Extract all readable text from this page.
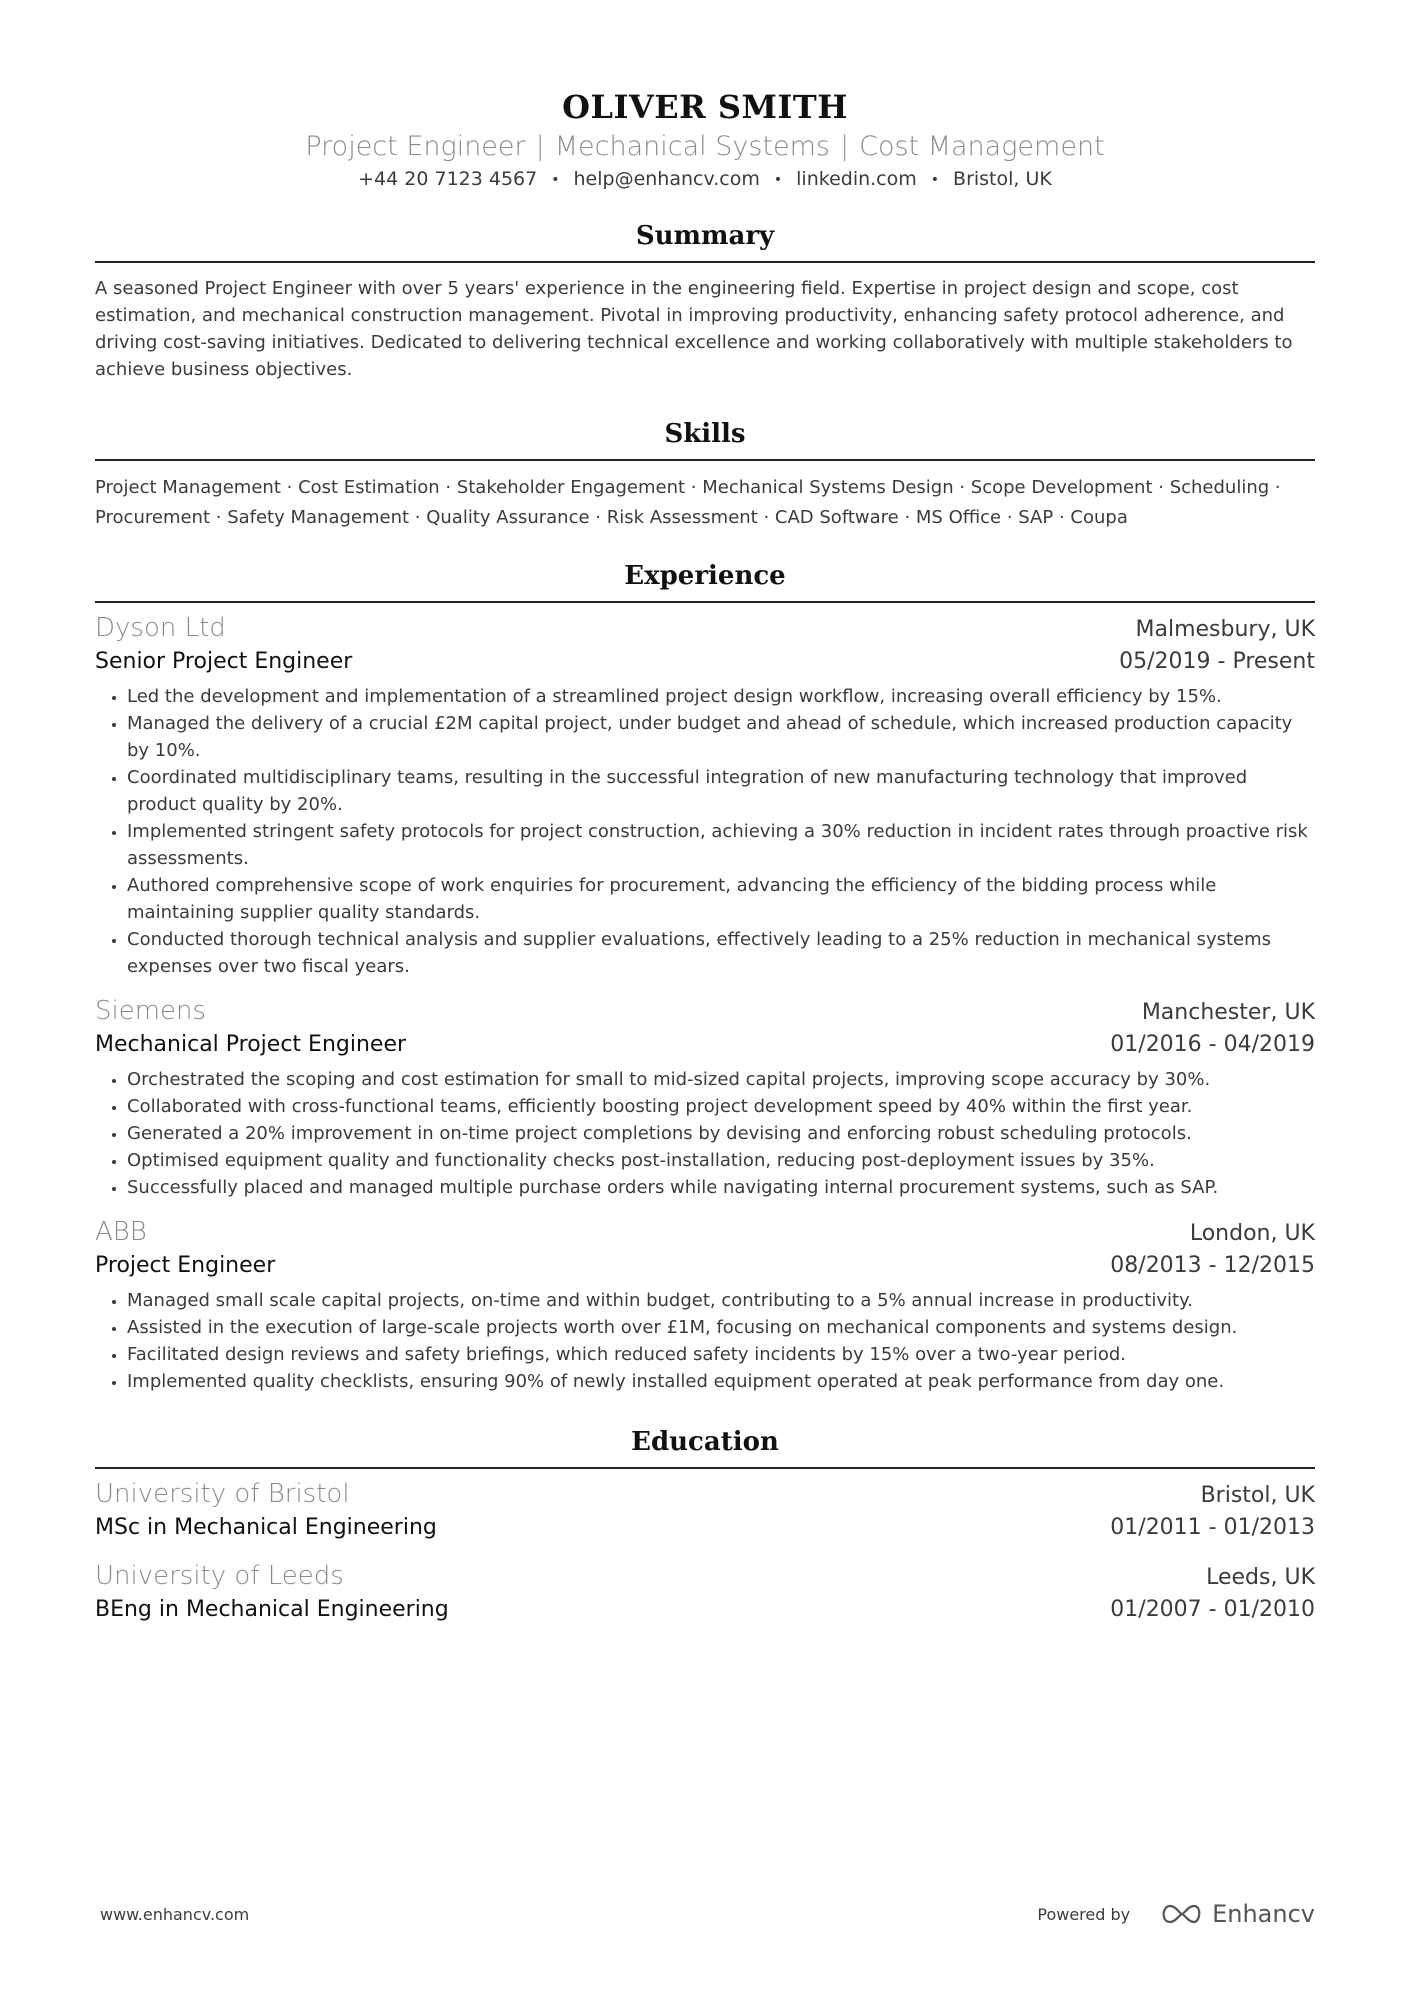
OLIVER SMITH
Project Engineer | Mechanical Systems | Cost Management
+44 20 7123 4567 • help@enhancv.com • linkedin.com • Bristol, UK
Summary
A seasoned Project Engineer with over 5 years' experience in the engineering field. Expertise in project design and scope, cost estimation, and mechanical construction management. Pivotal in improving productivity, enhancing safety protocol adherence, and driving cost-saving initiatives. Dedicated to delivering technical excellence and working collaboratively with multiple stakeholders to achieve business objectives.
Skills
Project Management · Cost Estimation · Stakeholder Engagement · Mechanical Systems Design · Scope Development · Scheduling· Procurement · Safety Management · Quality Assurance · Risk Assessment · CAD Software · MS Office · SAP · Coupa
Experience
Dyson Ltd	Malmesbury, UK
Senior Project Engineer	05/2019 - Present
• Led the development and implementation of a streamlined project design workflow, increasing overall efficiency by 15%.
• Managed the delivery of a crucial £2M capital project, under budget and ahead of schedule, which increased production capacity by 10%.
• Coordinated multidisciplinary teams, resulting in the successful integration of new manufacturing technology that improved product quality by 20%.
• Implemented stringent safety protocols for project construction, achieving a 30% reduction in incident rates through proactive risk assessments.
• Authored comprehensive scope of work enquiries for procurement, advancing the efficiency of the bidding process while maintaining supplier quality standards.
• Conducted thorough technical analysis and supplier evaluations, effectively leading to a 25% reduction in mechanical systems expenses over two fiscal years.
Siemens	Manchester, UK
Mechanical Project Engineer	01/2016 - 04/2019
• Orchestrated the scoping and cost estimation for small to mid-sized capital projects, improving scope accuracy by 30%.
• Collaborated with cross-functional teams, efficiently boosting project development speed by 40% within the first year.
• Generated a 20% improvement in on-time project completions by devising and enforcing robust scheduling protocols.
• Optimised equipment quality and functionality checks post-installation, reducing post-deployment issues by 35%.
• Successfully placed and managed multiple purchase orders while navigating internal procurement systems, such as SAP.
ABB	London, UK
Project Engineer	08/2013 - 12/2015
• Managed small scale capital projects, on-time and within budget, contributing to a 5% annual increase in productivity.
• Assisted in the execution of large-scale projects worth over £1M, focusing on mechanical components and systems design.
• Facilitated design reviews and safety briefings, which reduced safety incidents by 15% over a two-year period.
• Implemented quality checklists, ensuring 90% of newly installed equipment operated at peak performance from day one.
Education
University of Bristol	Bristol, UK
MSc in Mechanical Engineering	01/2011 - 01/2013
University of Leeds	Leeds, UK
BEng in Mechanical Engineering	01/2007 - 01/2010
www.enhancv.com	Powered by	Enhancv
